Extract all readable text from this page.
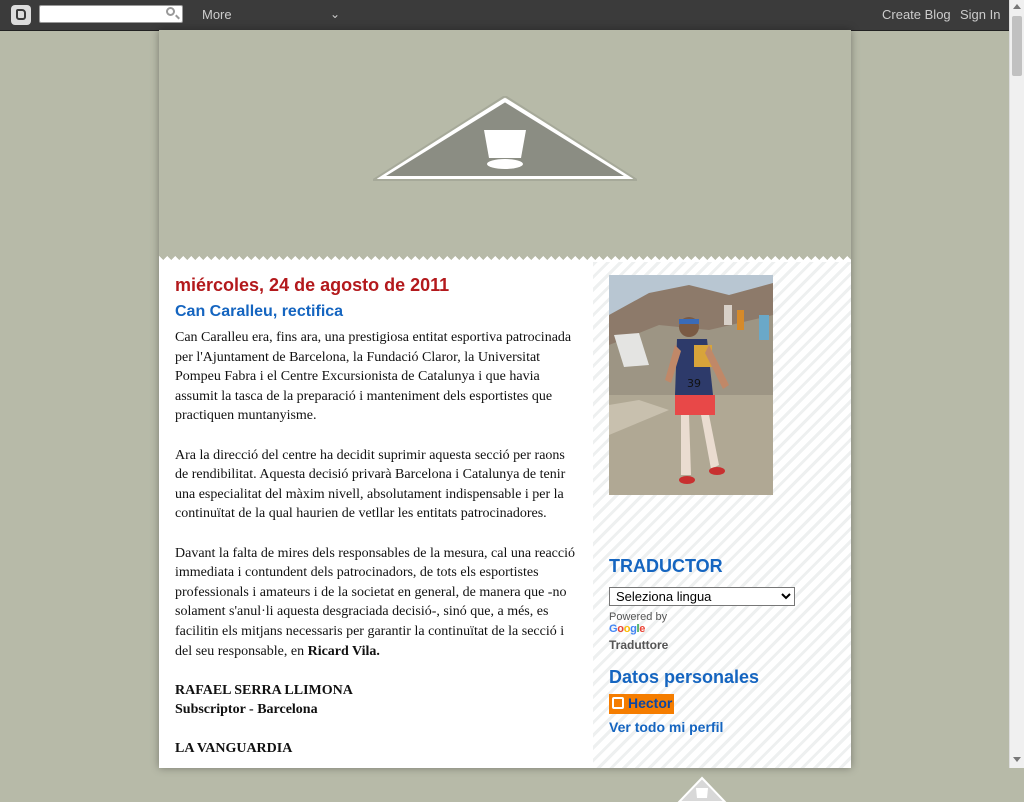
More	⌄	Create Blog Sign In
miércoles, 24 de agosto de 2011
Can Caralleu, rectifica

Can Caralleu era, fins ara, una prestigiosa entitat esportiva patrocinada per l'Ajuntament de Barcelona, la Fundació Claror, la Universitat Pompeu Fabra i el Centre Excursionista de Catalunya i que havia assumit la tasca de la preparació i manteniment dels esportistes que practiquen muntanyisme.

Ara la direcció del centre ha decidit suprimir aquesta secció per raons de rendibilitat. Aquesta decisió privarà Barcelona i Catalunya de tenir una especialitat del màxim nivell, absolutament indispensable i per la continuïtat de la qual haurien de vetllar les entitats patrocinadores.

Davant la falta de mires dels responsables de la mesura, cal una reacció immediata i contundent dels patrocinadors, de tots els esportistes professionals i amateurs i de la societat en general, de manera que -no solament s'anul·li aquesta desgraciada decisió-, sinó que, a més, es facilitin els mitjans necessaris per garantir la continuïtat de la secció i del seu responsable, en Ricard Vila.

RAFAEL SERRA LLIMONA

Subscriptor - Barcelona

LA VANGUARDIA

39
TRADUCTOR
Seleziona lingua
Powered by
Google
Traduttore
Datos personales
Hector
Ver todo mi perfil
